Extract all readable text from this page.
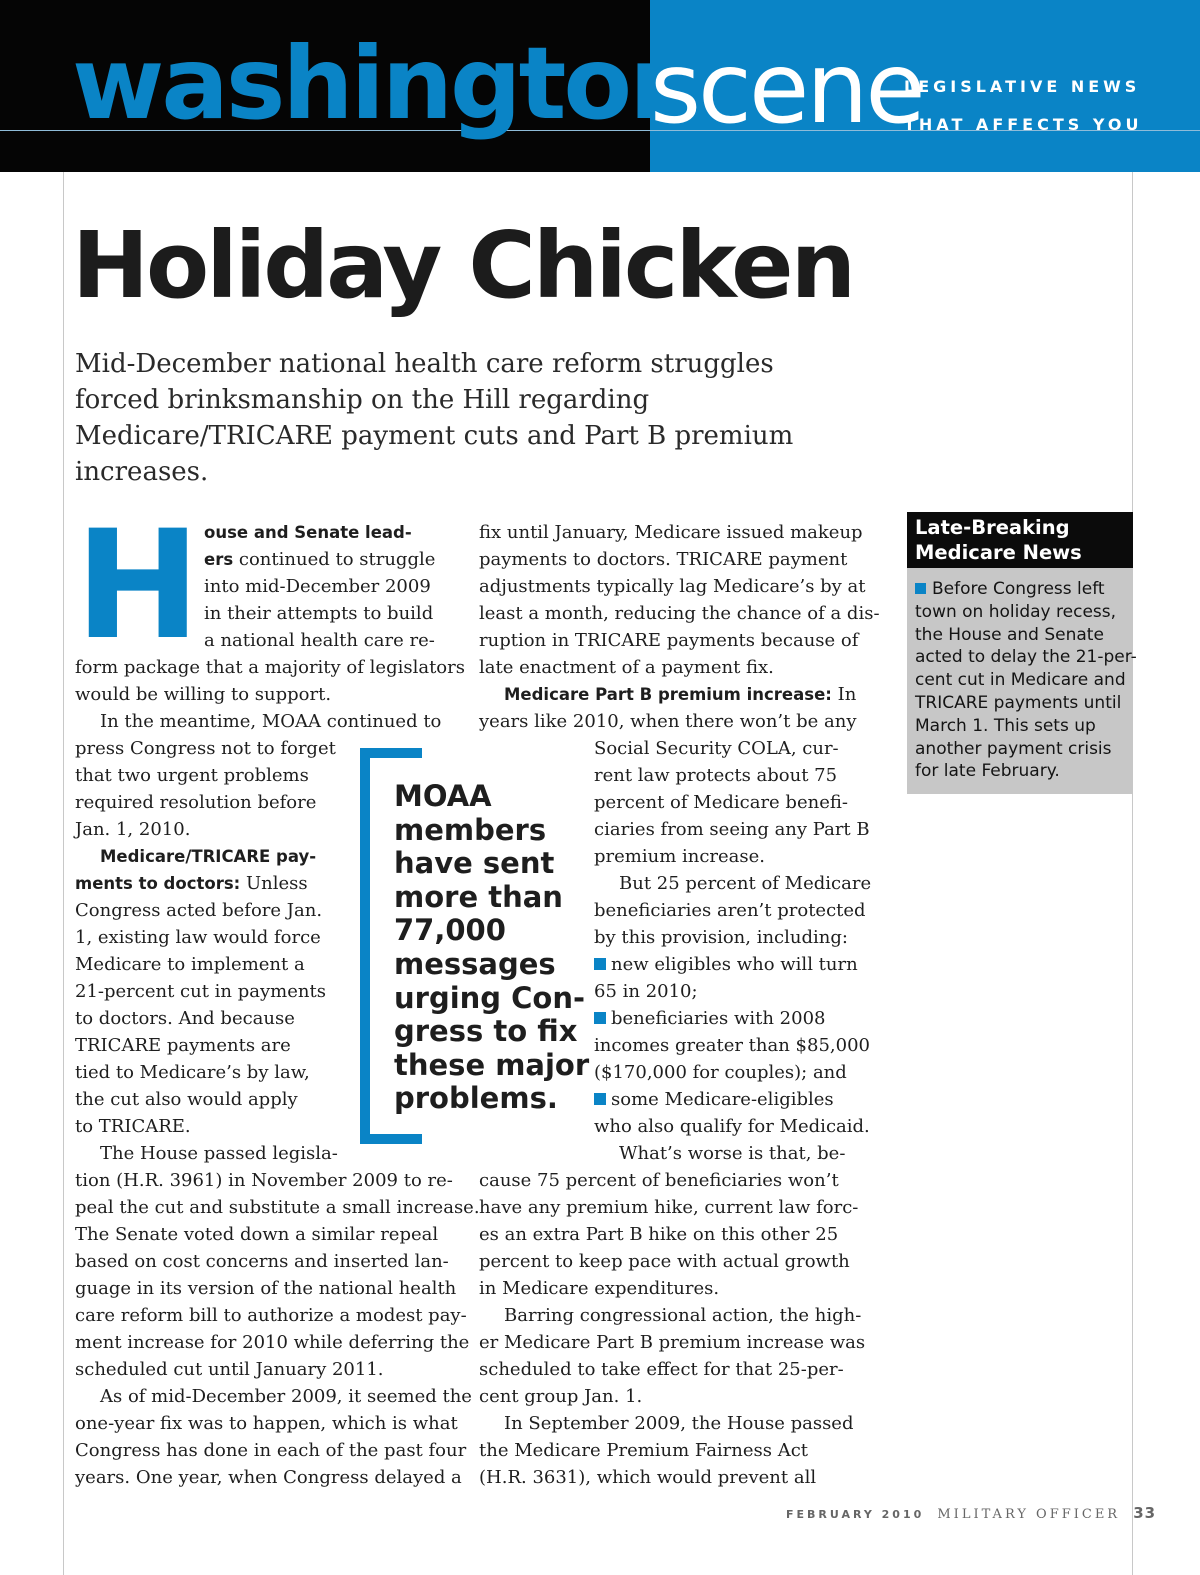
washington
scene
LEGISLATIVE NEWS
THAT AFFECTS YOU
Holiday Chicken

Mid-December national health care reform struggles forced brinksmanship on the Hill regarding Medicare/TRICARE payment cuts and Part B premium increases.

H ouse and Senate lead-
ers continued to struggle
into mid-December 2009
in their attempts to build
a national health care re-
form package that a majority of legislators
would be willing to support.
In the meantime, MOAA continued to
press Congress not to forget
that two urgent problems
required resolution before
Jan. 1, 2010.
Medicare/TRICARE pay-
ments to doctors: Unless
Congress acted before Jan.
1, existing law would force
Medicare to implement a
21-percent cut in payments
to doctors. And because
TRICARE payments are
tied to Medicare’s by law,
the cut also would apply
to TRICARE.
The House passed legisla-
tion (H.R. 3961) in November 2009 to re-
peal the cut and substitute a small increase.
The Senate voted down a similar repeal
based on cost concerns and inserted lan-
guage in its version of the national health
care reform bill to authorize a modest pay-
ment increase for 2010 while deferring the
scheduled cut until January 2011.
As of mid-December 2009, it seemed the
one-year fix was to happen, which is what
Congress has done in each of the past four
years. One year, when Congress delayed a
fix until January, Medicare issued makeup
payments to doctors. TRICARE payment
adjustments typically lag Medicare’s by at
least a month, reducing the chance of a dis-
ruption in TRICARE payments because of
late enactment of a payment fix.
Medicare Part B premium increase: In
years like 2010, when there won’t be any
Social Security COLA, cur-
rent law protects about 75
percent of Medicare benefi-
ciaries from seeing any Part B
premium increase.
But 25 percent of Medicare
beneficiaries aren’t protected
by this provision, including:
new eligibles who will turn
65 in 2010;
beneficiaries with 2008
incomes greater than $85,000
($170,000 for couples); and
some Medicare-eligibles
who also qualify for Medicaid.
What’s worse is that, be-
cause 75 percent of beneficiaries won’t
have any premium hike, current law forc-
es an extra Part B hike on this other 25
percent to keep pace with actual growth
in Medicare expenditures.
Barring congressional action, the high-
er Medicare Part B premium increase was
scheduled to take effect for that 25-per-
cent group Jan. 1.
In September 2009, the House passed
the Medicare Premium Fairness Act
(H.R. 3631), which would prevent all
MOAA
members
have sent
more than
77,000
messages
urging Con-
gress to fix
these major
problems.
Late-Breaking
Medicare News
Before Congress left
town on holiday recess,
the House and Senate
acted to delay the 21-per-
cent cut in Medicare and
TRICARE payments until
March 1. This sets up
another payment crisis
for late February.
FEBRUARY 2010 MILITARY OFFICER 33
